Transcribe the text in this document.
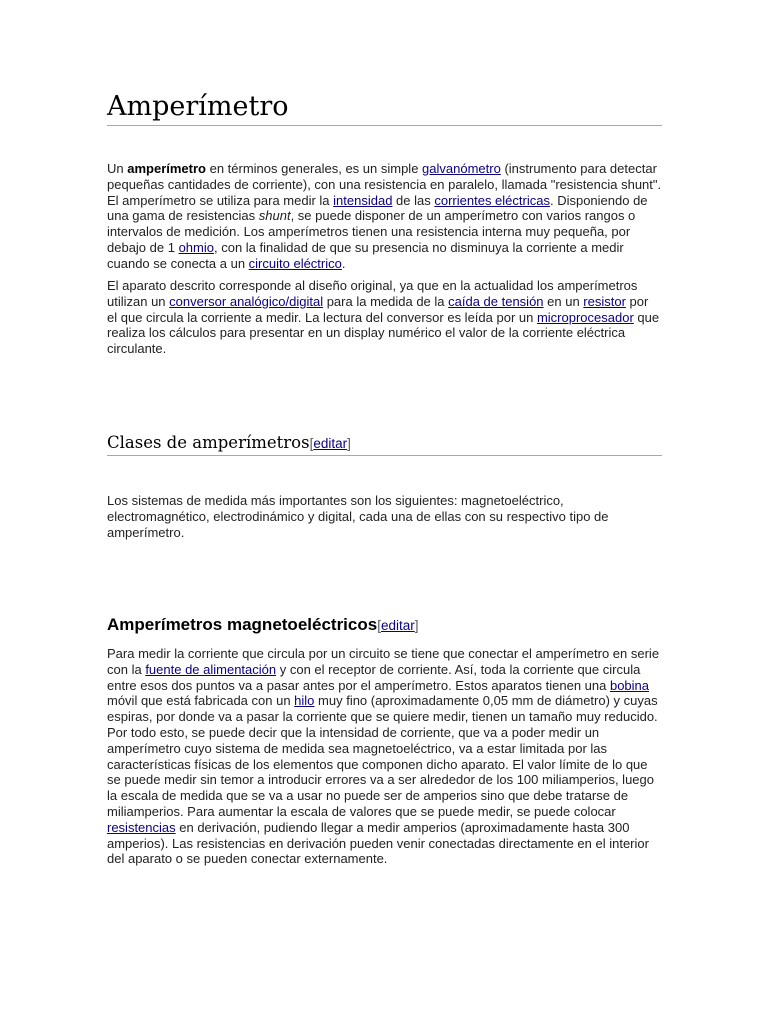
Amperímetro

Un amperímetro en términos generales, es un simple galvanómetro (instrumento para detectar pequeñas cantidades de corriente), con una resistencia en paralelo, llamada "resistencia shunt". El amperímetro se utiliza para medir la intensidad de las corrientes eléctricas. Disponiendo de una gama de resistencias shunt, se puede disponer de un amperímetro con varios rangos o intervalos de medición. Los amperímetros tienen una resistencia interna muy pequeña, por debajo de 1 ohmio, con la finalidad de que su presencia no disminuya la corriente a medir cuando se conecta a un circuito eléctrico.

El aparato descrito corresponde al diseño original, ya que en la actualidad los amperímetros utilizan un conversor analógico/digital para la medida de la caída de tensión en un resistor por el que circula la corriente a medir. La lectura del conversor es leída por un microprocesador que realiza los cálculos para presentar en un display numérico el valor de la corriente eléctrica circulante.

Clases de amperímetros[editar]

Los sistemas de medida más importantes son los siguientes: magnetoeléctrico, electromagnético, electrodinámico y digital, cada una de ellas con su respectivo tipo de amperímetro.

Amperímetros magnetoeléctricos[editar]

Para medir la corriente que circula por un circuito se tiene que conectar el amperímetro en serie con la fuente de alimentación y con el receptor de corriente. Así, toda la corriente que circula entre esos dos puntos va a pasar antes por el amperímetro. Estos aparatos tienen una bobina móvil que está fabricada con un hilo muy fino (aproximadamente 0,05 mm de diámetro) y cuyas espiras, por donde va a pasar la corriente que se quiere medir, tienen un tamaño muy reducido. Por todo esto, se puede decir que la intensidad de corriente, que va a poder medir un amperímetro cuyo sistema de medida sea magnetoeléctrico, va a estar limitada por las características físicas de los elementos que componen dicho aparato. El valor límite de lo que se puede medir sin temor a introducir errores va a ser alrededor de los 100 miliamperios, luego la escala de medida que se va a usar no puede ser de amperios sino que debe tratarse de miliamperios. Para aumentar la escala de valores que se puede medir, se puede colocar resistencias en derivación, pudiendo llegar a medir amperios (aproximadamente hasta 300 amperios). Las resistencias en derivación pueden venir conectadas directamente en el interior del aparato o se pueden conectar externamente.
